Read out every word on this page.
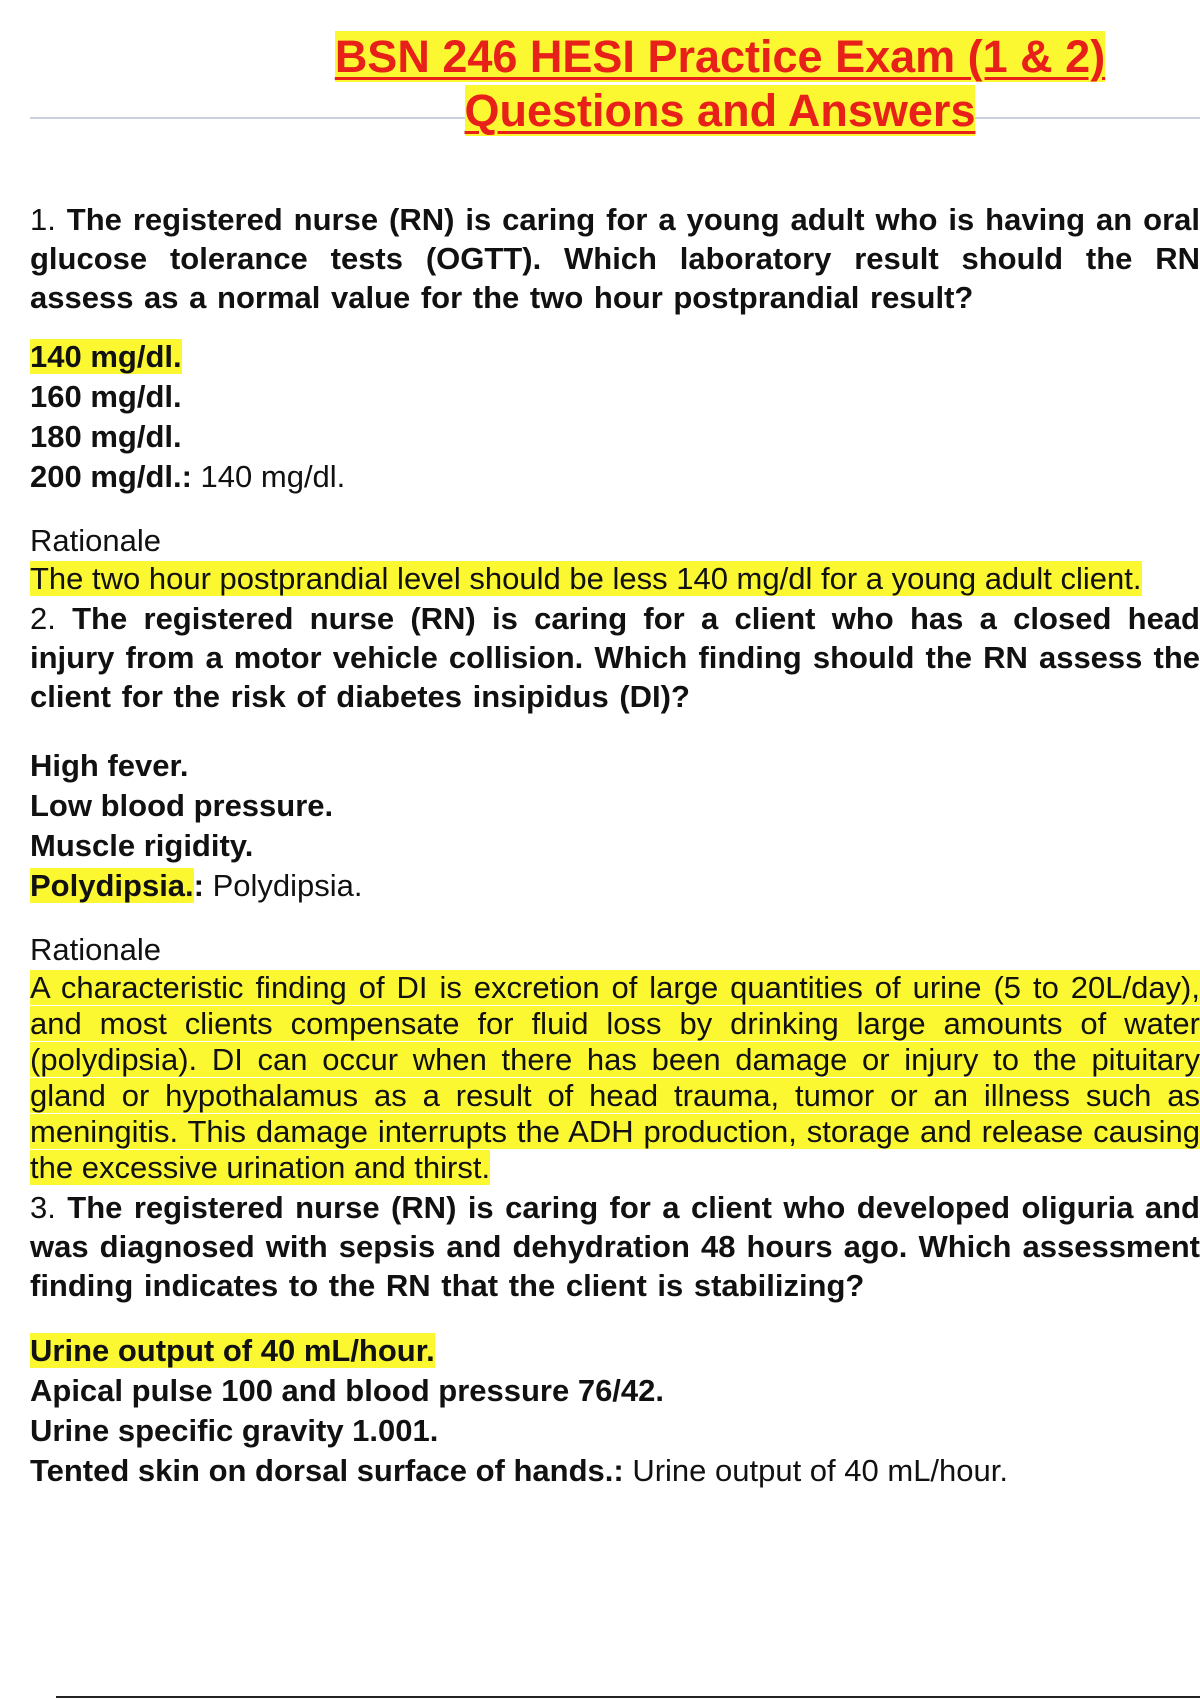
BSN 246 HESI Practice Exam (1 & 2)
Questions and Answers

1. The registered nurse (RN) is caring for a young adult who is having an oral glucose tolerance tests (OGTT). Which laboratory result should the RN assess as a normal value for the two hour postprandial result?

140 mg/dl.
160 mg/dl.
180 mg/dl.
200 mg/dl.: 140 mg/dl.

Rationale

The two hour postprandial level should be less 140 mg/dl for a young adult client.

2. The registered nurse (RN) is caring for a client who has a closed head injury from a motor vehicle collision. Which finding should the RN assess the client for the risk of diabetes insipidus (DI)?

High fever.
Low blood pressure.
Muscle rigidity.
Polydipsia.: Polydipsia.

Rationale

A characteristic finding of DI is excretion of large quantities of urine (5 to 20L/day), and most clients compensate for fluid loss by drinking large amounts of water (polydipsia). DI can occur when there has been damage or injury to the pituitary gland or hypothalamus as a result of head trauma, tumor or an illness such as meningitis. This damage interrupts the ADH production, storage and release causing the excessive urination and thirst.

3. The registered nurse (RN) is caring for a client who developed oliguria and was diagnosed with sepsis and dehydration 48 hours ago. Which assessment finding indicates to the RN that the client is stabilizing?

Urine output of 40 mL/hour.
Apical pulse 100 and blood pressure 76/42.
Urine specific gravity 1.001.
Tented skin on dorsal surface of hands.: Urine output of 40 mL/hour.
